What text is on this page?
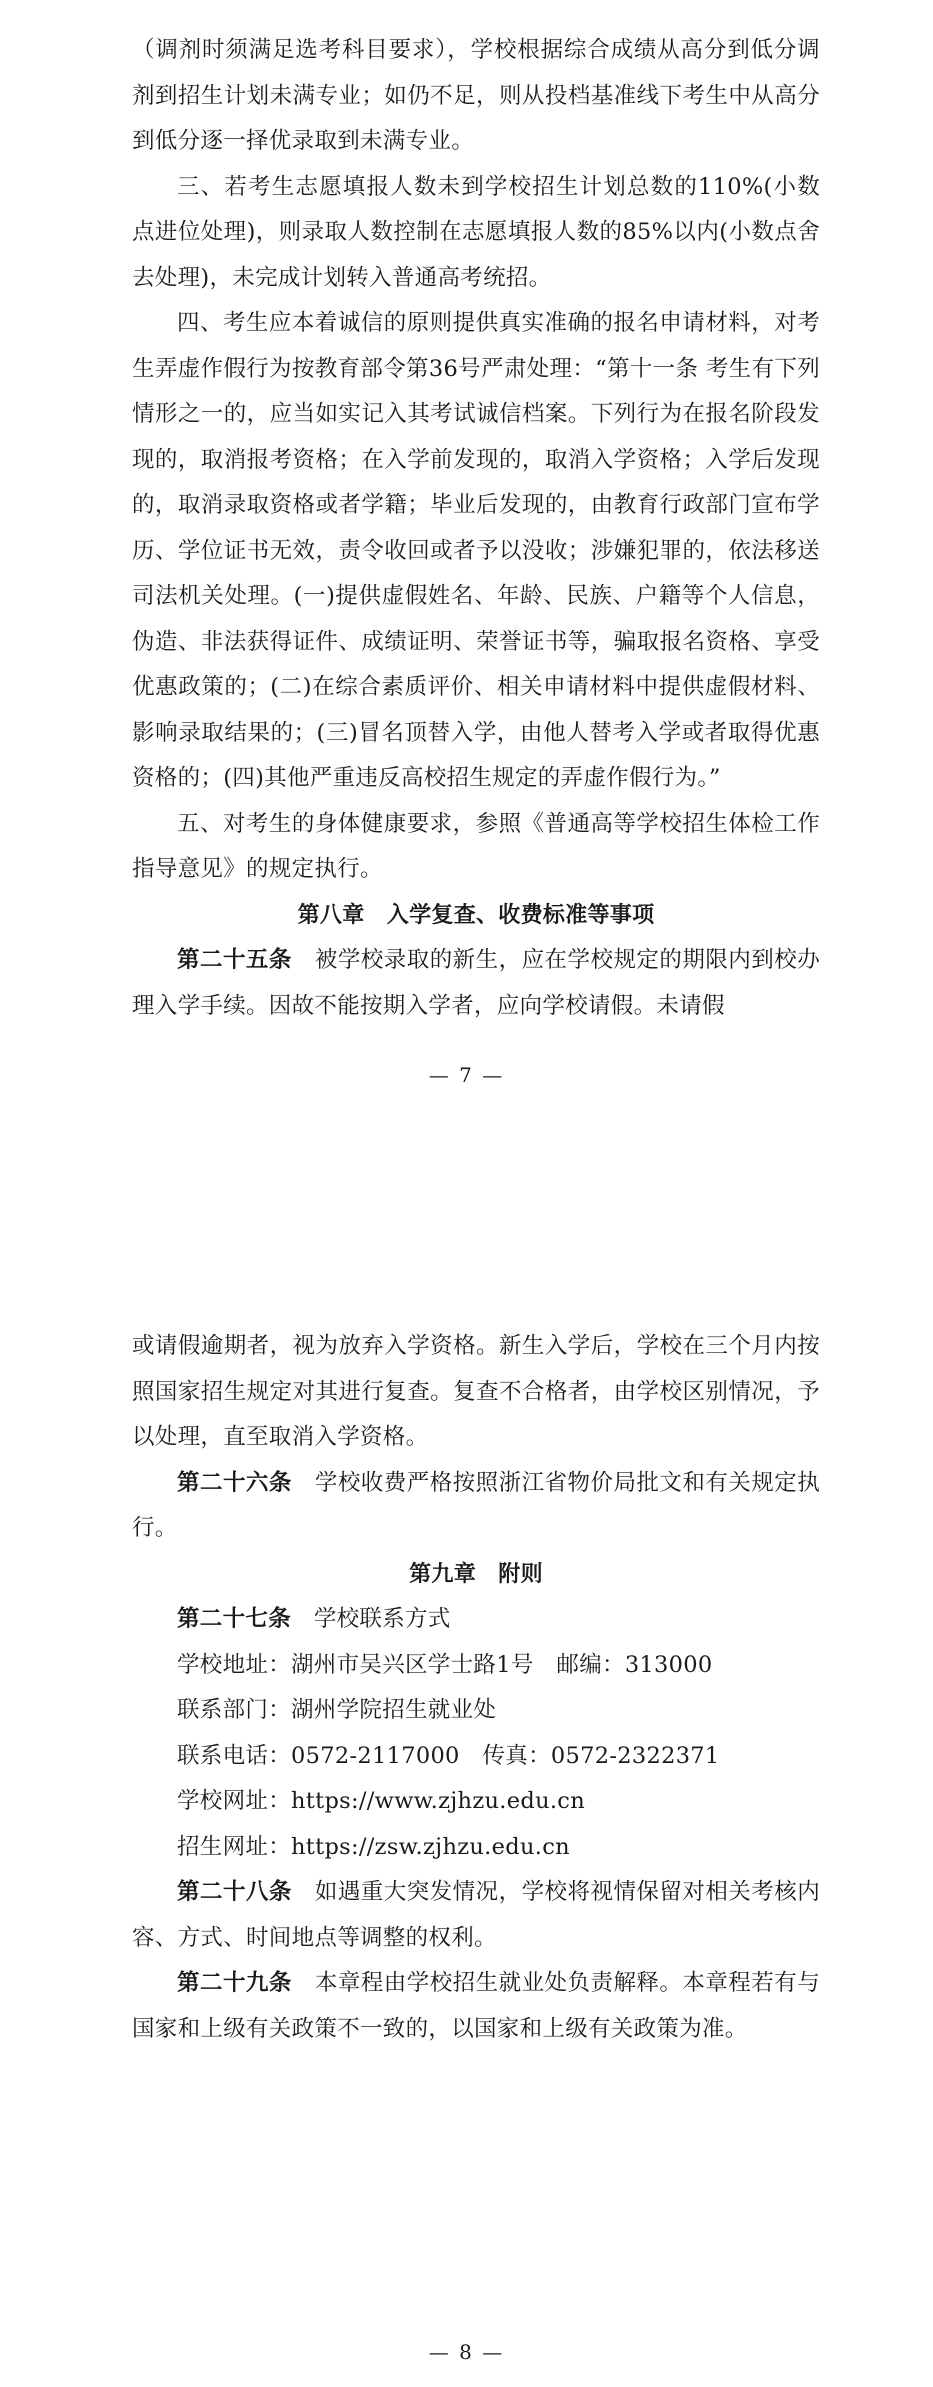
（调剂时须满足选考科目要求），学校根据综合成绩从高分到低分调剂到招生计划未满专业；如仍不足，则从投档基准线下考生中从高分到低分逐一择优录取到未满专业。

三、若考生志愿填报人数未到学校招生计划总数的110%(小数点进位处理)，则录取人数控制在志愿填报人数的85%以内(小数点舍去处理)，未完成计划转入普通高考统招。

四、考生应本着诚信的原则提供真实准确的报名申请材料，对考生弄虚作假行为按教育部令第36号严肃处理：“第十一条 考生有下列情形之一的，应当如实记入其考试诚信档案。下列行为在报名阶段发现的，取消报考资格；在入学前发现的，取消入学资格；入学后发现的，取消录取资格或者学籍；毕业后发现的，由教育行政部门宣布学历、学位证书无效，责令收回或者予以没收；涉嫌犯罪的，依法移送司法机关处理。(一)提供虚假姓名、年龄、民族、户籍等个人信息，伪造、非法获得证件、成绩证明、荣誉证书等，骗取报名资格、享受优惠政策的；(二)在综合素质评价、相关申请材料中提供虚假材料、影响录取结果的；(三)冒名顶替入学，由他人替考入学或者取得优惠资格的；(四)其他严重违反高校招生规定的弄虚作假行为。”

五、对考生的身体健康要求，参照《普通高等学校招生体检工作指导意见》的规定执行。

第八章　入学复查、收费标准等事项

第二十五条　 被学校录取的新生，应在学校规定的期限内到校办理入学手续。因故不能按期入学者，应向学校请假。未请假

— 7 —

或请假逾期者，视为放弃入学资格。新生入学后，学校在三个月内按照国家招生规定对其进行复查。复查不合格者，由学校区别情况，予以处理，直至取消入学资格。

第二十六条　 学校收费严格按照浙江省物价局批文和有关规定执行。

第九章　附则

第二十七条　 学校联系方式

学校地址：湖州市吴兴区学士路1号　邮编：313000

联系部门：湖州学院招生就业处

联系电话：0572-2117000　传真：0572-2322371

学校网址：https://www.zjhzu.edu.cn

招生网址：https://zsw.zjhzu.edu.cn

第二十八条　 如遇重大突发情况，学校将视情保留对相关考核内容、方式、时间地点等调整的权利。

第二十九条　 本章程由学校招生就业处负责解释。本章程若有与国家和上级有关政策不一致的，以国家和上级有关政策为准。

— 8 —
